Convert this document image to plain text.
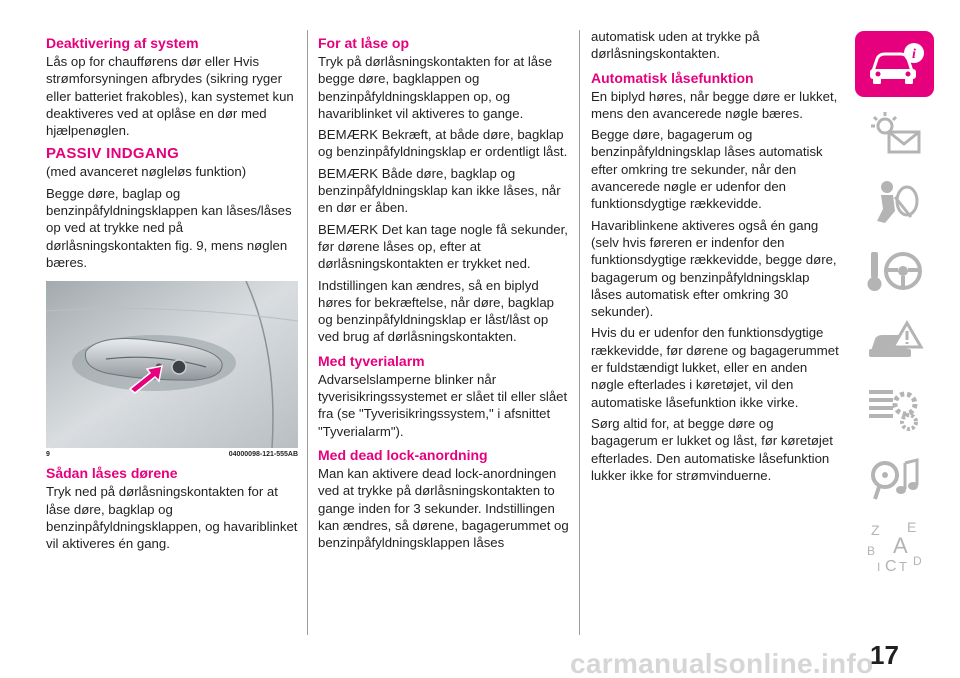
Deaktivering af system

Lås op for chaufførens dør eller Hvis strømforsyningen afbrydes (sikring ryger eller batteriet frakobles), kan systemet kun deaktiveres ved at oplåse en dør med hjælpenøglen.

PASSIV INDGANG

(med avanceret nøgleløs funktion)

Begge døre, baglap og benzinpåfyldningsklappen kan låses/låses op ved at trykke ned på dørlåsningskontakten fig. 9, mens nøglen bæres.

9	04000098-121-555AB
Sådan låses dørene

Tryk ned på dørlåsningskontakten for at låse døre, bagklap og benzinpåfyldningsklappen, og havariblinket vil aktiveres én gang.

For at låse op

Tryk på dørlåsningskontakten for at låse begge døre, bagklappen og benzinpåfyldningsklappen op, og havariblinket vil aktiveres to gange.

BEMÆRK Bekræft, at både døre, bagklap og benzinpåfyldningsklap er ordentligt låst.

BEMÆRK Både døre, bagklap og benzinpåfyldningsklap kan ikke låses, når en dør er åben.

BEMÆRK Det kan tage nogle få sekunder, før dørene låses op, efter at dørlåsningskontakten er trykket ned.

Indstillingen kan ændres, så en biplyd høres for bekræftelse, når døre, bagklap og benzinpåfyldningsklap er låst/låst op ved brug af dørlåsningskontakten.

Med tyverialarm

Advarselslamperne blinker når tyverisikringssystemet er slået til eller slået fra (se "Tyverisikringssystem," i afsnittet "Tyverialarm").

Med dead lock-anordning

Man kan aktivere dead lock-anordningen ved at trykke på dørlåsningskontakten to gange inden for 3 sekunder. Indstillingen kan ændres, så dørene, bagagerummet og benzinpåfyldningsklappen låses

automatisk uden at trykke på dørlåsningskontakten.

Automatisk låsefunktion

En biplyd høres, når begge døre er lukket, mens den avancerede nøgle bæres.

Begge døre, bagagerum og benzinpåfyldningsklap låses automatisk efter omkring tre sekunder, når den avancerede nøgle er udenfor den funktionsdygtige rækkevidde.

Havariblinkene aktiveres også én gang (selv hvis føreren er indenfor den funktionsdygtige rækkevidde, begge døre, bagagerum og benzinpåfyldningsklap låses automatisk efter omkring 30 sekunder).

Hvis du er udenfor den funktionsdygtige rækkevidde, før dørene og bagagerummet er fuldstændigt lukket, eller en anden nøgle efterlades i køretøjet, vil den automatiske låsefunktion ikke virke.

Sørg altid for, at begge døre og bagagerum er lukket og låst, før køretøjet efterlades. Den automatiske låsefunktion lukker ikke for strømvinduerne.

i
Z E
B A
I C T D
carmanualsonline.info
17
